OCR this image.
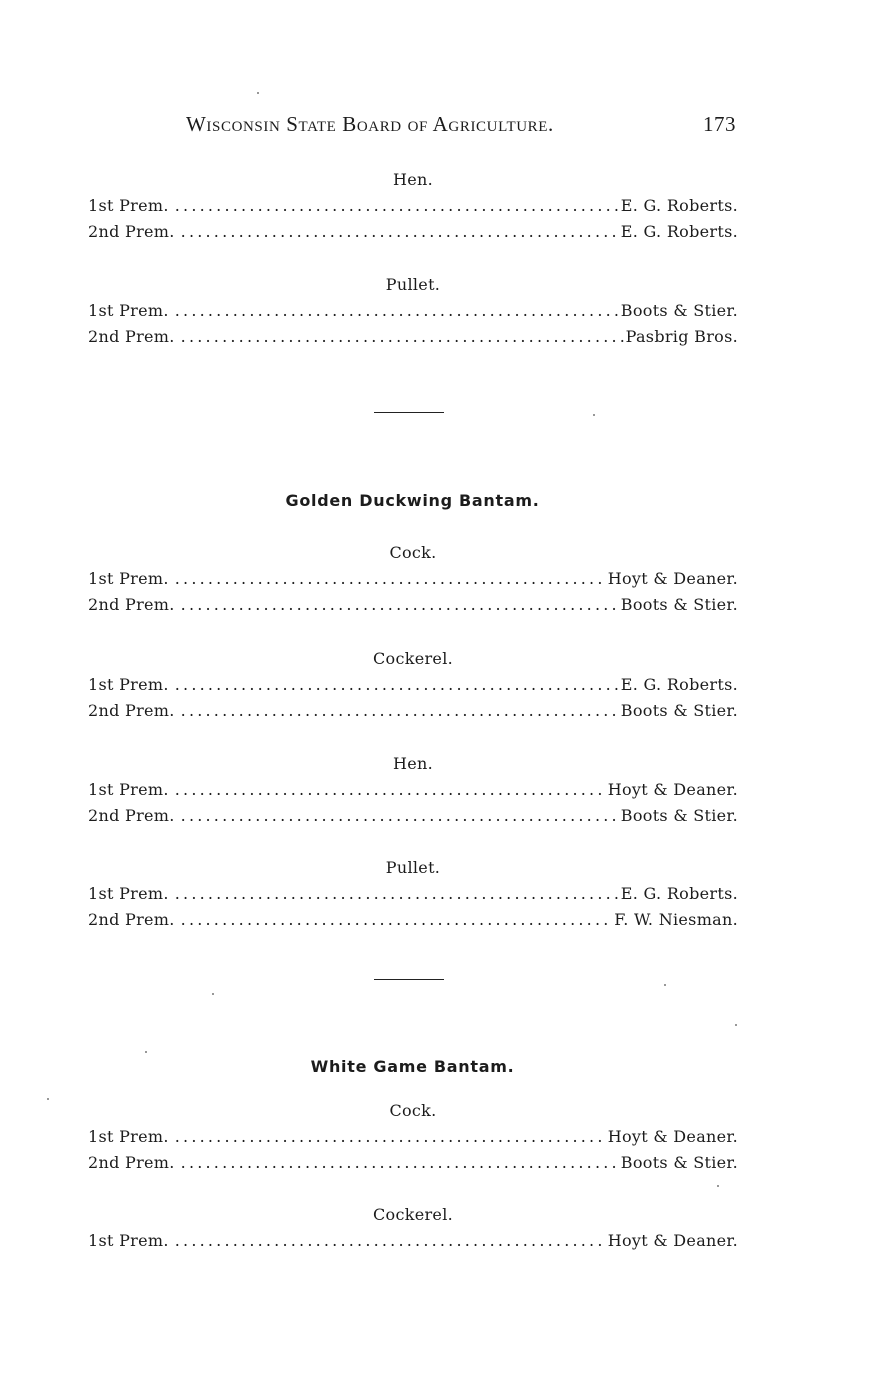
Wisconsin State Board of Agriculture.	173
Hen.
1st Prem. .....	E. G. Roberts.
2nd Prem. .....	E. G. Roberts.
Pullet.
1st Prem. .....	Boots & Stier.
2nd Prem. .....	Pasbrig Bros.
Golden Duckwing Bantam.
Cock.
1st Prem. .....	Hoyt & Deaner.
2nd Prem. .....	Boots & Stier.
Cockerel.
1st Prem. .....	E. G. Roberts.
2nd Prem. .....	Boots & Stier.
Hen.
1st Prem. .....	Hoyt & Deaner.
2nd Prem. .....	Boots & Stier.
Pullet.
1st Prem. .....	E. G. Roberts.
2nd Prem. .....	F. W. Niesman.
White Game Bantam.
Cock.
1st Prem. .....	Hoyt & Deaner.
2nd Prem. .....	Boots & Stier.
Cockerel.
1st Prem. .....	Hoyt & Deaner.
